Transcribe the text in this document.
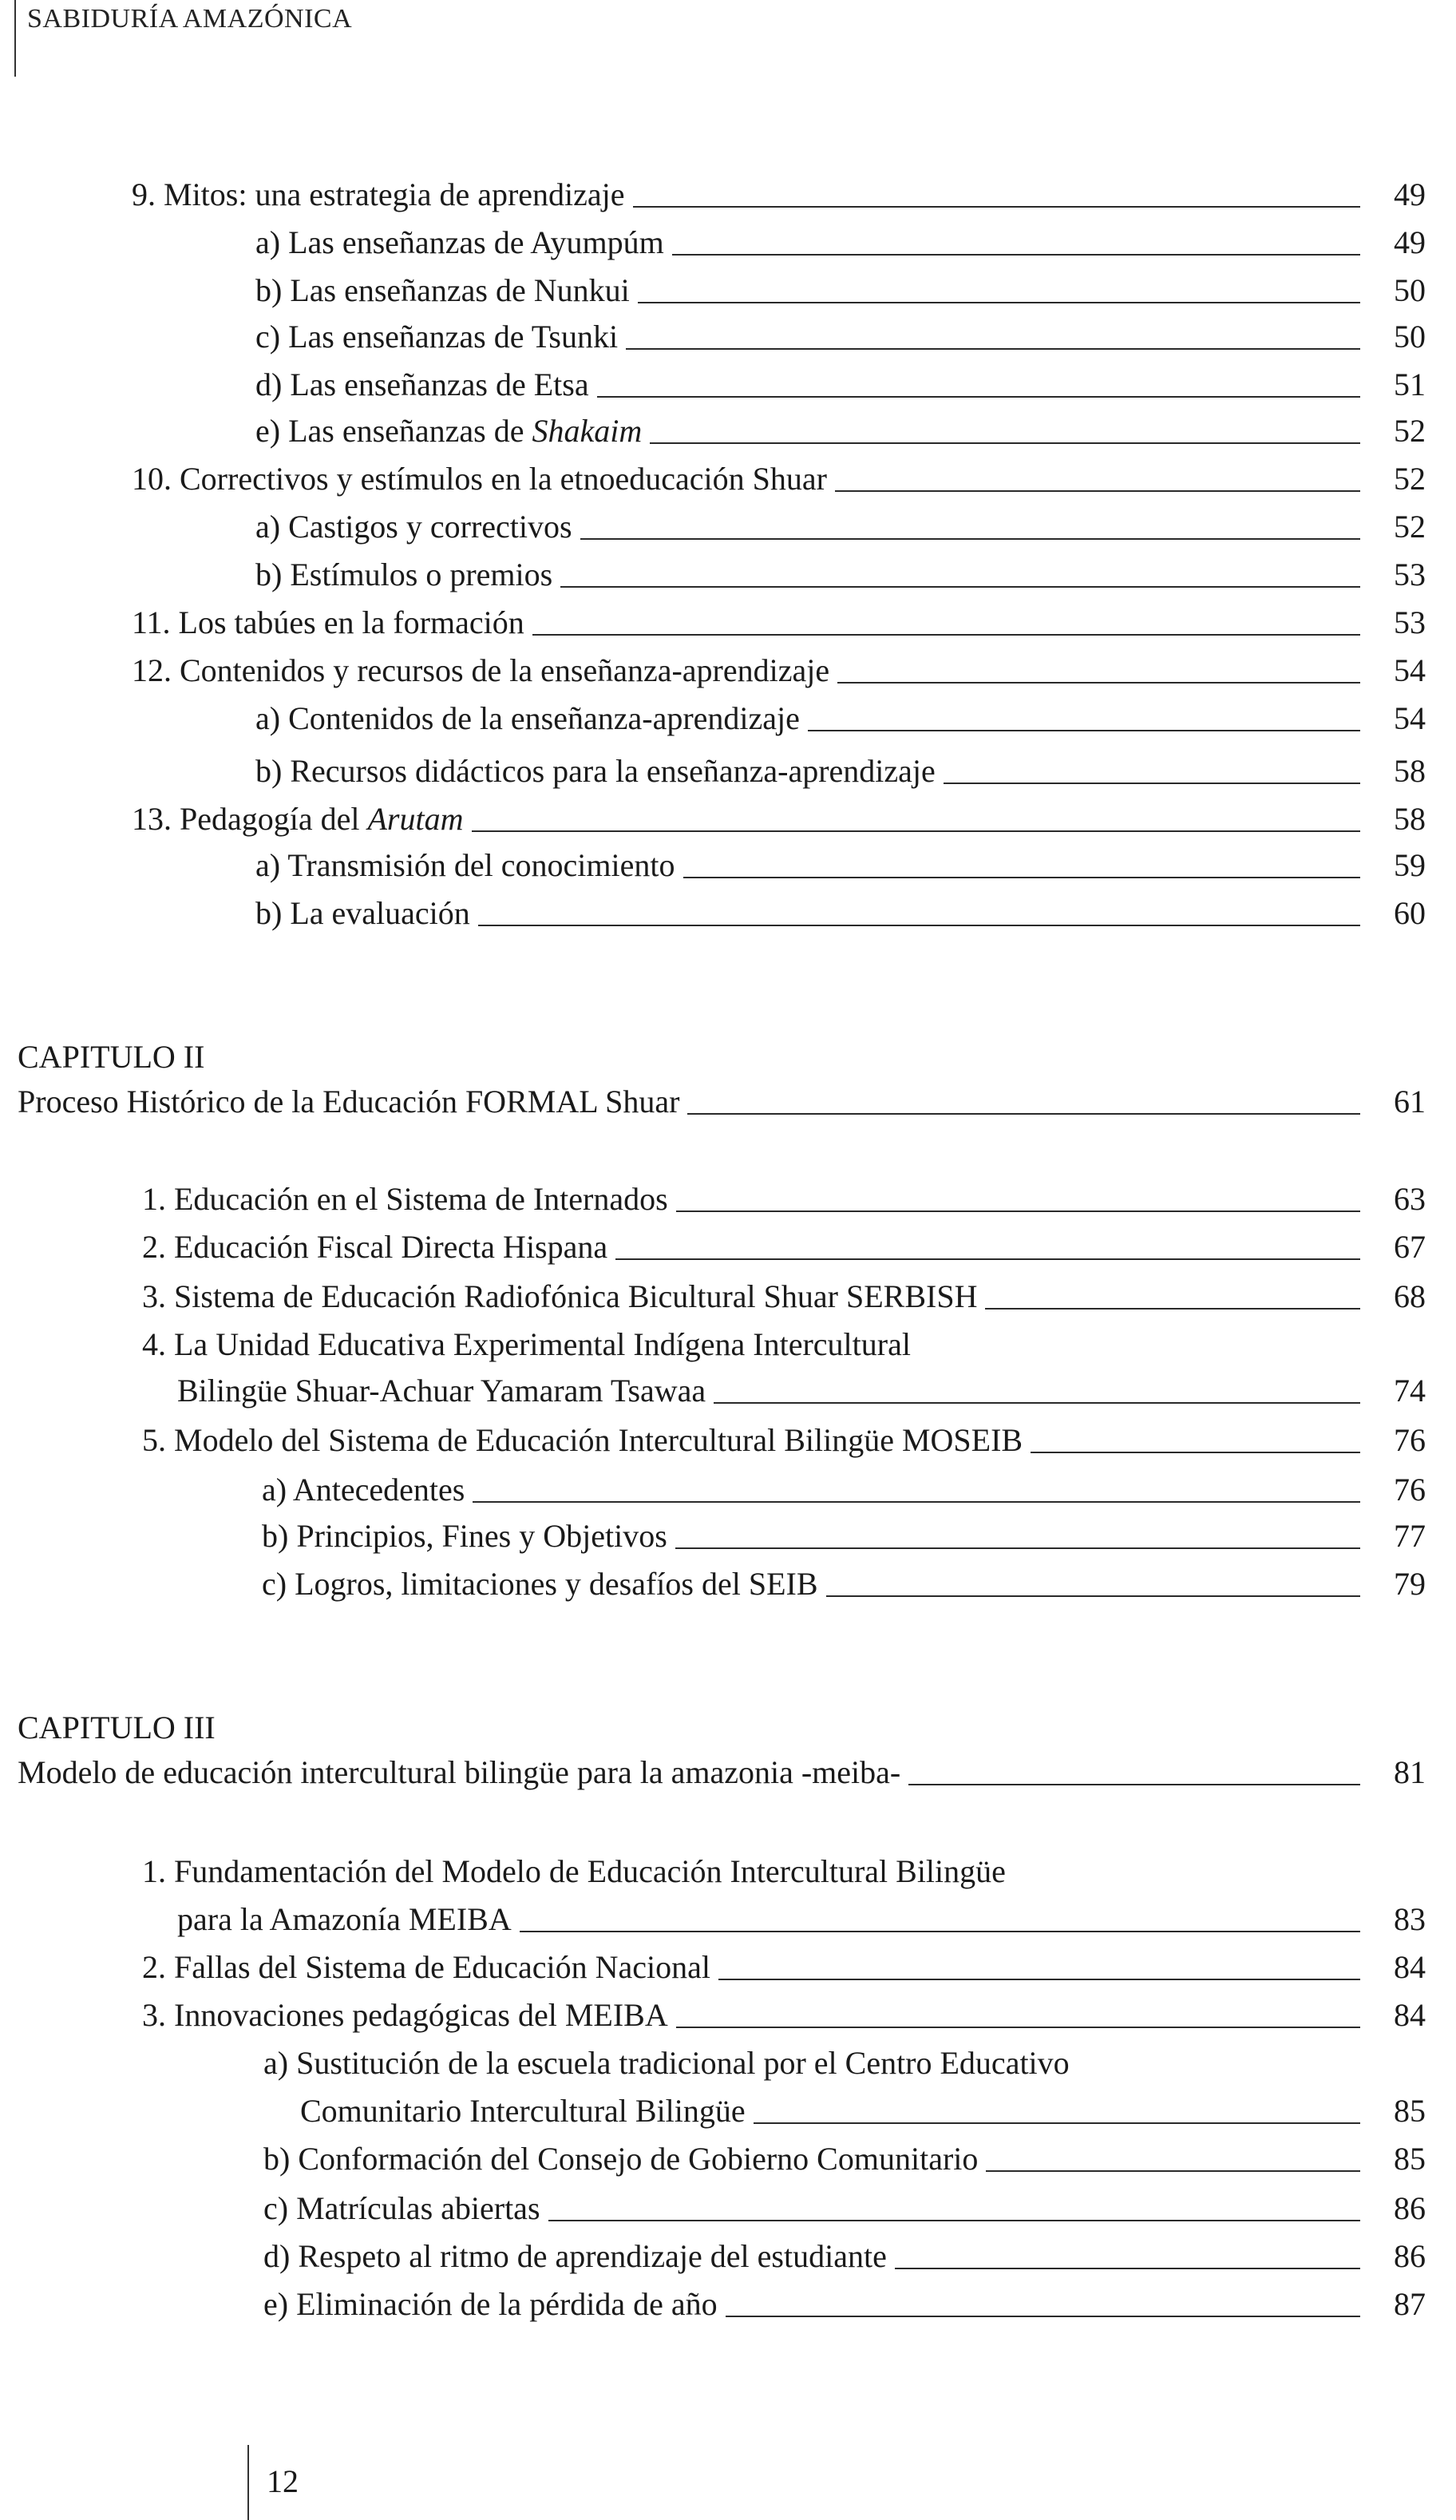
SABIDURÍA AMAZÓNICA
9. Mitos: una estrategia de aprendizaje	49
a) Las enseñanzas de Ayumpúm	49
b) Las enseñanzas de Nunkui	50
c) Las enseñanzas de Tsunki	50
d) Las enseñanzas de Etsa	51
e) Las enseñanzas de Shakaim	52
10. Correctivos y estímulos en la etnoeducación Shuar	52
a) Castigos y correctivos	52
b) Estímulos o premios	53
11. Los tabúes en la formación	53
12. Contenidos y recursos de la enseñanza-aprendizaje	54
a) Contenidos de la enseñanza-aprendizaje	54
b) Recursos didácticos para la enseñanza-aprendizaje	58
13. Pedagogía del Arutam	58
a) Transmisión del conocimiento	59
b) La evaluación	60
CAPITULO II
Proceso Histórico de la Educación FORMAL Shuar	61
1. Educación en el Sistema de Internados	63
2. Educación Fiscal Directa Hispana	67
3. Sistema de Educación Radiofónica Bicultural Shuar SERBISH	68
4. La Unidad Educativa Experimental Indígena Intercultural
Bilingüe Shuar-Achuar Yamaram Tsawaa	74
5. Modelo del Sistema de Educación Intercultural Bilingüe MOSEIB	76
a) Antecedentes	76
b) Principios, Fines y Objetivos	77
c) Logros, limitaciones y desafíos del SEIB	79
CAPITULO III
Modelo de educación intercultural bilingüe para la amazonia -meiba-	81
1. Fundamentación del Modelo de Educación Intercultural Bilingüe
para la Amazonía MEIBA	83
2. Fallas del Sistema de Educación Nacional	84
3. Innovaciones pedagógicas del MEIBA	84
a) Sustitución de la escuela tradicional por el Centro Educativo
Comunitario Intercultural Bilingüe	85
b) Conformación del Consejo de Gobierno Comunitario	85
c) Matrículas abiertas	86
d) Respeto al ritmo de aprendizaje del estudiante	86
e) Eliminación de la pérdida de año	87
12
